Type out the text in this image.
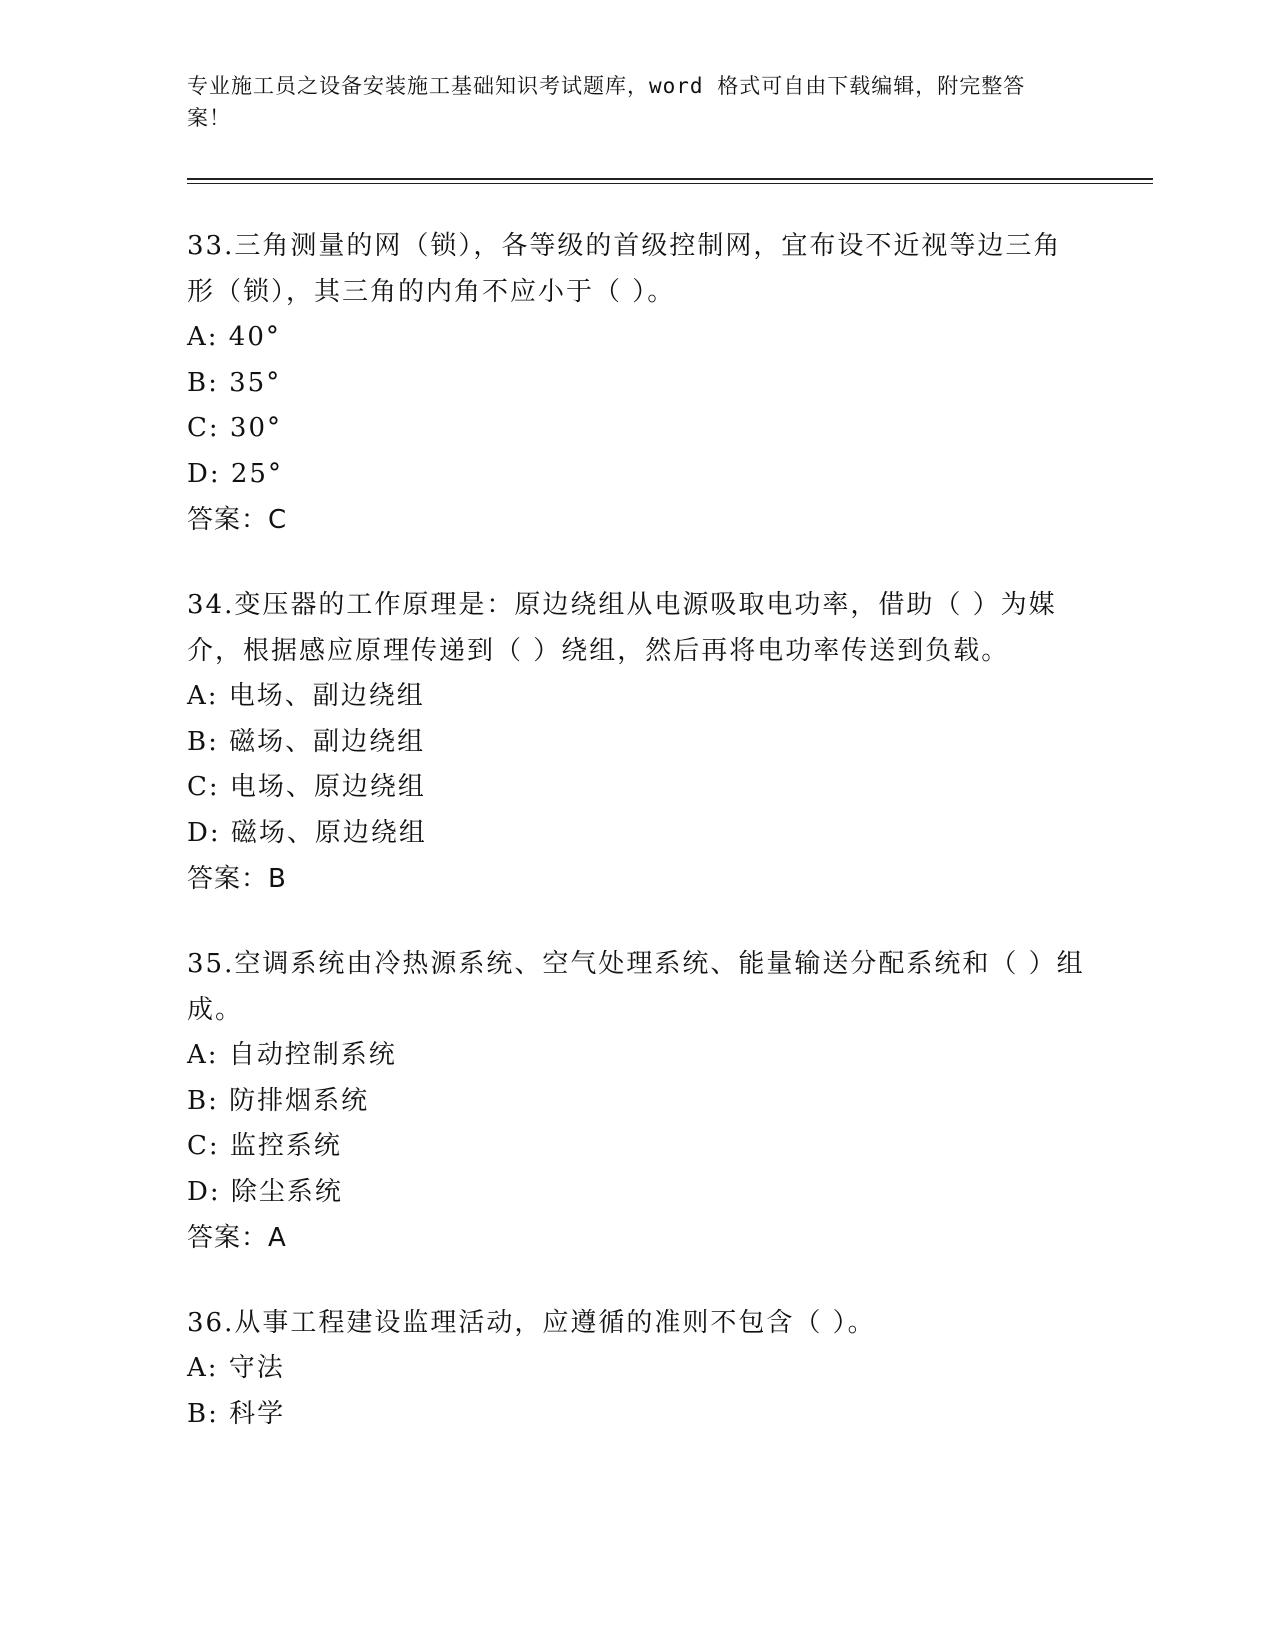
专业施工员之设备安装施工基础知识考试题库，word 格式可自由下载编辑，附完整答案！

33.三角测量的网（锁），各等级的首级控制网，宜布设不近视等边三角形（锁），其三角的内角不应小于（ ）。

A: 40°
B: 35°
C: 30°
D: 25°
答案：C

34.变压器的工作原理是：原边绕组从电源吸取电功率，借助（ ）为媒介，根据感应原理传递到（ ）绕组，然后再将电功率传送到负载。

A: 电场、副边绕组
B: 磁场、副边绕组
C: 电场、原边绕组
D: 磁场、原边绕组
答案：B

35.空调系统由冷热源系统、空气处理系统、能量输送分配系统和（ ）组成。

A: 自动控制系统
B: 防排烟系统
C: 监控系统
D: 除尘系统
答案：A

36.从事工程建设监理活动，应遵循的准则不包含（ ）。

A: 守法
B: 科学
